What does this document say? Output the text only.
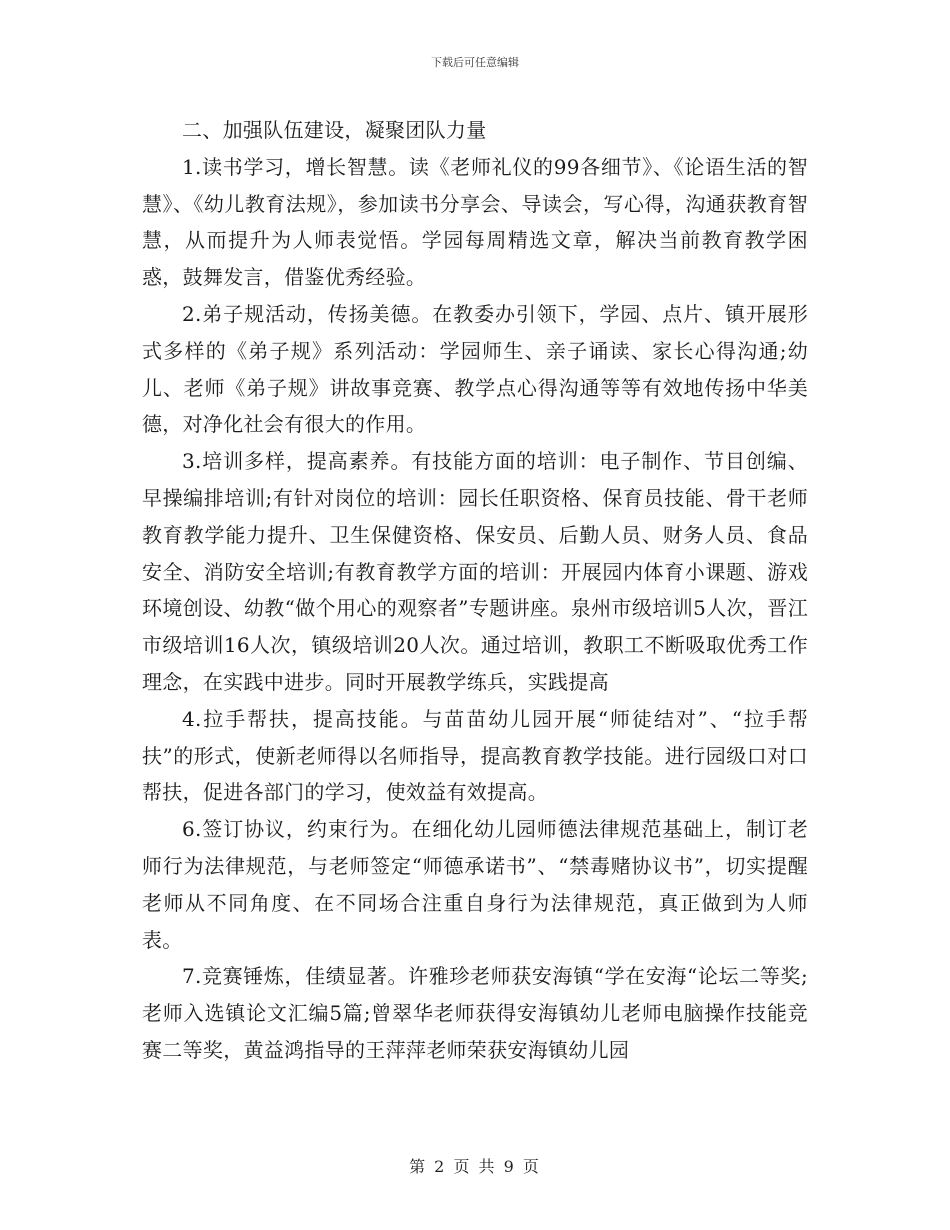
下载后可任意编辑

二、加强队伍建设，凝聚团队力量

1.读书学习，增长智慧。读《老师礼仪的99各细节》、《论语生活的智慧》、《幼儿教育法规》，参加读书分享会、导读会，写心得，沟通获教育智慧，从而提升为人师表觉悟。学园每周精选文章，解决当前教育教学困惑，鼓舞发言，借鉴优秀经验。

2.弟子规活动，传扬美德。在教委办引领下，学园、点片、镇开展形式多样的《弟子规》系列活动：学园师生、亲子诵读、家长心得沟通;幼儿、老师《弟子规》讲故事竞赛、教学点心得沟通等等有效地传扬中华美德，对净化社会有很大的作用。

3.培训多样，提高素养。有技能方面的培训：电子制作、节目创编、早操编排培训;有针对岗位的培训：园长任职资格、保育员技能、骨干老师教育教学能力提升、卫生保健资格、保安员、后勤人员、财务人员、食品安全、消防安全培训;有教育教学方面的培训：开展园内体育小课题、游戏环境创设、幼教“做个用心的观察者”专题讲座。泉州市级培训5人次，晋江市级培训16人次，镇级培训20人次。通过培训，教职工不断吸取优秀工作理念，在实践中进步。同时开展教学练兵，实践提高

4.拉手帮扶，提高技能。与苗苗幼儿园开展“师徒结对”、“拉手帮扶”的形式，使新老师得以名师指导，提高教育教学技能。进行园级口对口帮扶，促进各部门的学习，使效益有效提高。

6.签订协议，约束行为。在细化幼儿园师德法律规范基础上，制订老师行为法律规范，与老师签定“师德承诺书”、“禁毒赌协议书”，切实提醒老师从不同角度、在不同场合注重自身行为法律规范，真正做到为人师表。

7.竞赛锤炼，佳绩显著。许雅珍老师获安海镇“学在安海“论坛二等奖;老师入选镇论文汇编5篇;曾翠华老师获得安海镇幼儿老师电脑操作技能竞赛二等奖，黄益鸿指导的王萍萍老师荣获安海镇幼儿园

第 2 页 共 9 页
